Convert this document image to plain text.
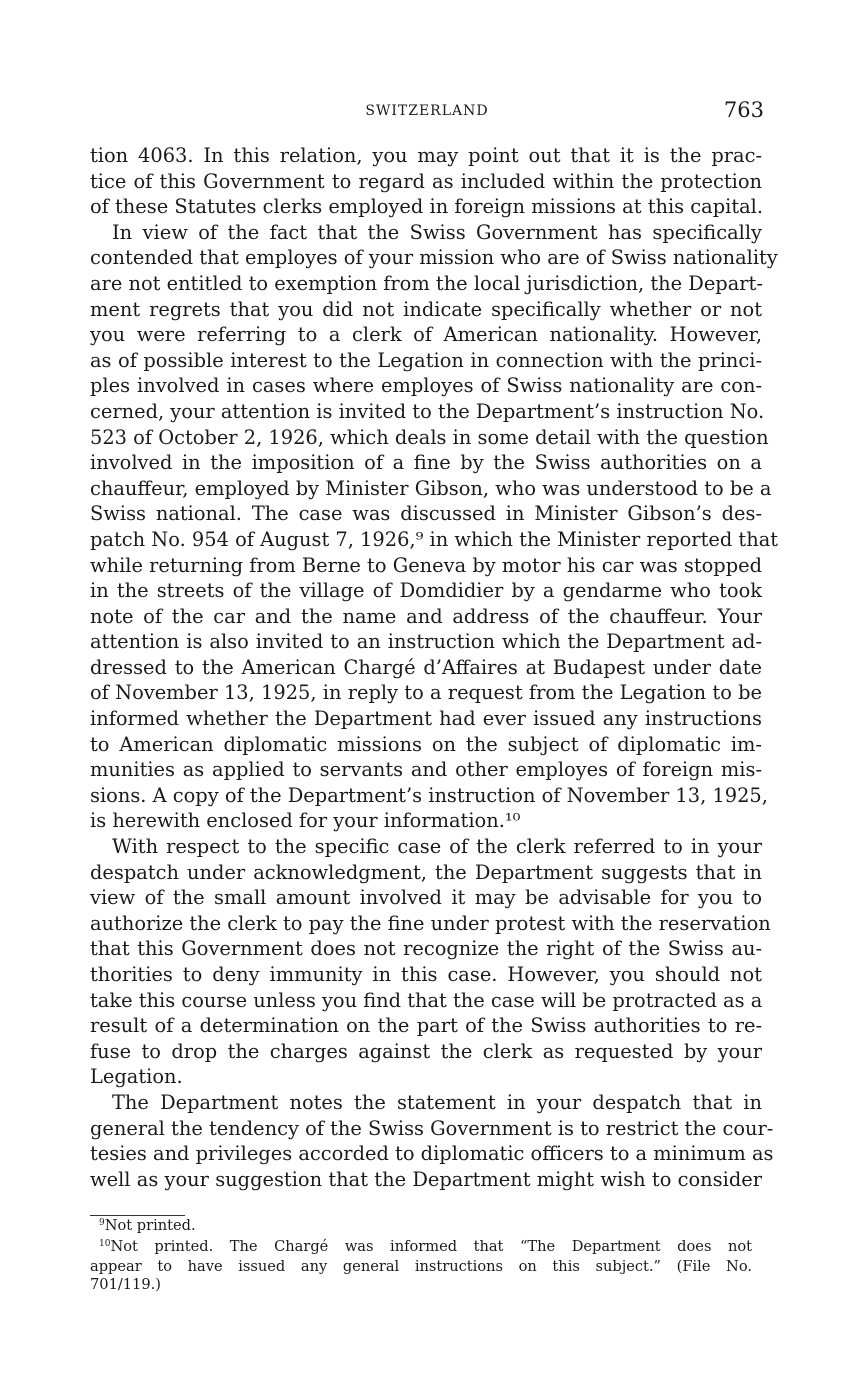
SWITZERLAND	763
tion 4063. In this relation, you may point out that it is the prac-
tice of this Government to regard as included within the protection
of these Statutes clerks employed in foreign missions at this capital.
In view of the fact that the Swiss Government has specifically
contended that employes of your mission who are of Swiss nationality
are not entitled to exemption from the local jurisdiction, the Depart-
ment regrets that you did not indicate specifically whether or not
you were referring to a clerk of American nationality. However,
as of possible interest to the Legation in connection with the princi-
ples involved in cases where employes of Swiss nationality are con-
cerned, your attention is invited to the Department’s instruction No.
523 of October 2, 1926, which deals in some detail with the question
involved in the imposition of a fine by the Swiss authorities on a
chauffeur, employed by Minister Gibson, who was understood to be a
Swiss national. The case was discussed in Minister Gibson’s des-
patch No. 954 of August 7, 1926,⁹ in which the Minister reported that
while returning from Berne to Geneva by motor his car was stopped
in the streets of the village of Domdidier by a gendarme who took
note of the car and the name and address of the chauffeur. Your
attention is also invited to an instruction which the Department ad-
dressed to the American Chargé d’Affaires at Budapest under date
of November 13, 1925, in reply to a request from the Legation to be
informed whether the Department had ever issued any instructions
to American diplomatic missions on the subject of diplomatic im-
munities as applied to servants and other employes of foreign mis-
sions. A copy of the Department’s instruction of November 13, 1925,
is herewith enclosed for your information.¹⁰
With respect to the specific case of the clerk referred to in your
despatch under acknowledgment, the Department suggests that in
view of the small amount involved it may be advisable for you to
authorize the clerk to pay the fine under protest with the reservation
that this Government does not recognize the right of the Swiss au-
thorities to deny immunity in this case. However, you should not
take this course unless you find that the case will be protracted as a
result of a determination on the part of the Swiss authorities to re-
fuse to drop the charges against the clerk as requested by your
Legation.
The Department notes the statement in your despatch that in
general the tendency of the Swiss Government is to restrict the cour-
tesies and privileges accorded to diplomatic officers to a minimum as
well as your suggestion that the Department might wish to consider
$^9$Not printed.
$^{10}$Not printed. The Chargé was informed that “The Department does not
appear to have issued any general instructions on this subject.” (File No.
701/119.)
